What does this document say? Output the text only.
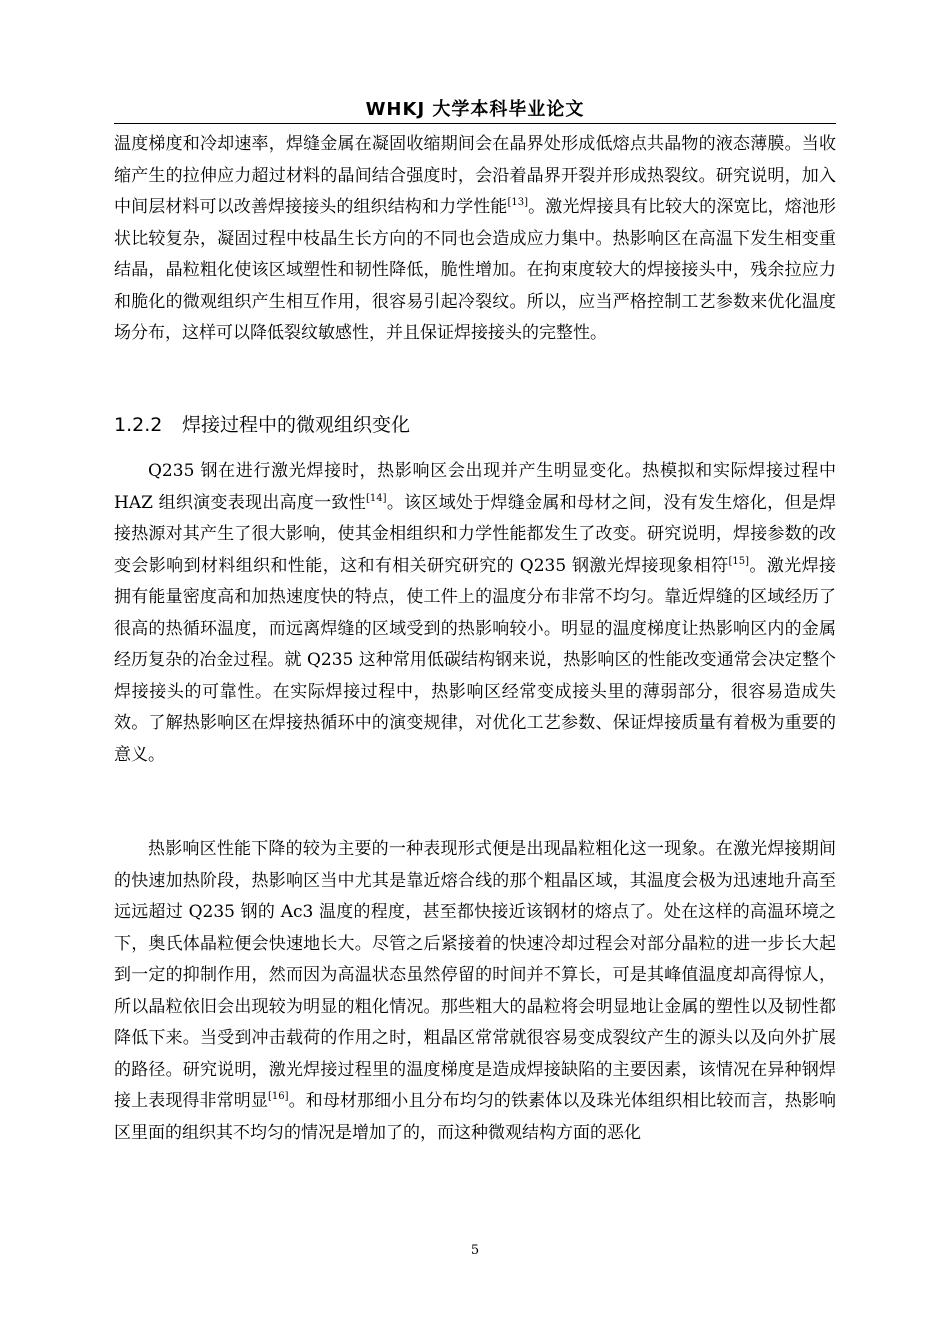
WHKJ 大学本科毕业论文

温度梯度和冷却速率，焊缝金属在凝固收缩期间会在晶界处形成低熔点共晶物的液态薄膜。当收缩产生的拉伸应力超过材料的晶间结合强度时，会沿着晶界开裂并形成热裂纹。研究说明，加入中间层材料可以改善焊接接头的组织结构和力学性能[13]。激光焊接具有比较大的深宽比，熔池形状比较复杂，凝固过程中枝晶生长方向的不同也会造成应力集中。热影响区在高温下发生相变重结晶，晶粒粗化使该区域塑性和韧性降低，脆性增加。在拘束度较大的焊接接头中，残余拉应力和脆化的微观组织产生相互作用，很容易引起冷裂纹。所以，应当严格控制工艺参数来优化温度场分布，这样可以降低裂纹敏感性，并且保证焊接接头的完整性。

1.2.2 焊接过程中的微观组织变化

Q235 钢在进行激光焊接时，热影响区会出现并产生明显变化。热模拟和实际焊接过程中 HAZ 组织演变表现出高度一致性[14]。该区域处于焊缝金属和母材之间，没有发生熔化，但是焊接热源对其产生了很大影响，使其金相组织和力学性能都发生了改变。研究说明，焊接参数的改变会影响到材料组织和性能，这和有相关研究研究的 Q235 钢激光焊接现象相符[15]。激光焊接拥有能量密度高和加热速度快的特点，使工件上的温度分布非常不均匀。靠近焊缝的区域经历了很高的热循环温度，而远离焊缝的区域受到的热影响较小。明显的温度梯度让热影响区内的金属经历复杂的冶金过程。就 Q235 这种常用低碳结构钢来说，热影响区的性能改变通常会决定整个焊接接头的可靠性。在实际焊接过程中，热影响区经常变成接头里的薄弱部分，很容易造成失效。了解热影响区在焊接热循环中的演变规律，对优化工艺参数、保证焊接质量有着极为重要的意义。

热影响区性能下降的较为主要的一种表现形式便是出现晶粒粗化这一现象。在激光焊接期间的快速加热阶段，热影响区当中尤其是靠近熔合线的那个粗晶区域，其温度会极为迅速地升高至远远超过 Q235 钢的 Ac3 温度的程度，甚至都快接近该钢材的熔点了。处在这样的高温环境之下，奥氏体晶粒便会快速地长大。尽管之后紧接着的快速冷却过程会对部分晶粒的进一步长大起到一定的抑制作用，然而因为高温状态虽然停留的时间并不算长，可是其峰值温度却高得惊人，所以晶粒依旧会出现较为明显的粗化情况。那些粗大的晶粒将会明显地让金属的塑性以及韧性都降低下来。当受到冲击载荷的作用之时，粗晶区常常就很容易变成裂纹产生的源头以及向外扩展的路径。研究说明，激光焊接过程里的温度梯度是造成焊接缺陷的主要因素，该情况在异种钢焊接上表现得非常明显[16]。和母材那细小且分布均匀的铁素体以及珠光体组织相比较而言，热影响区里面的组织其不均匀的情况是增加了的，而这种微观结构方面的恶化

5
